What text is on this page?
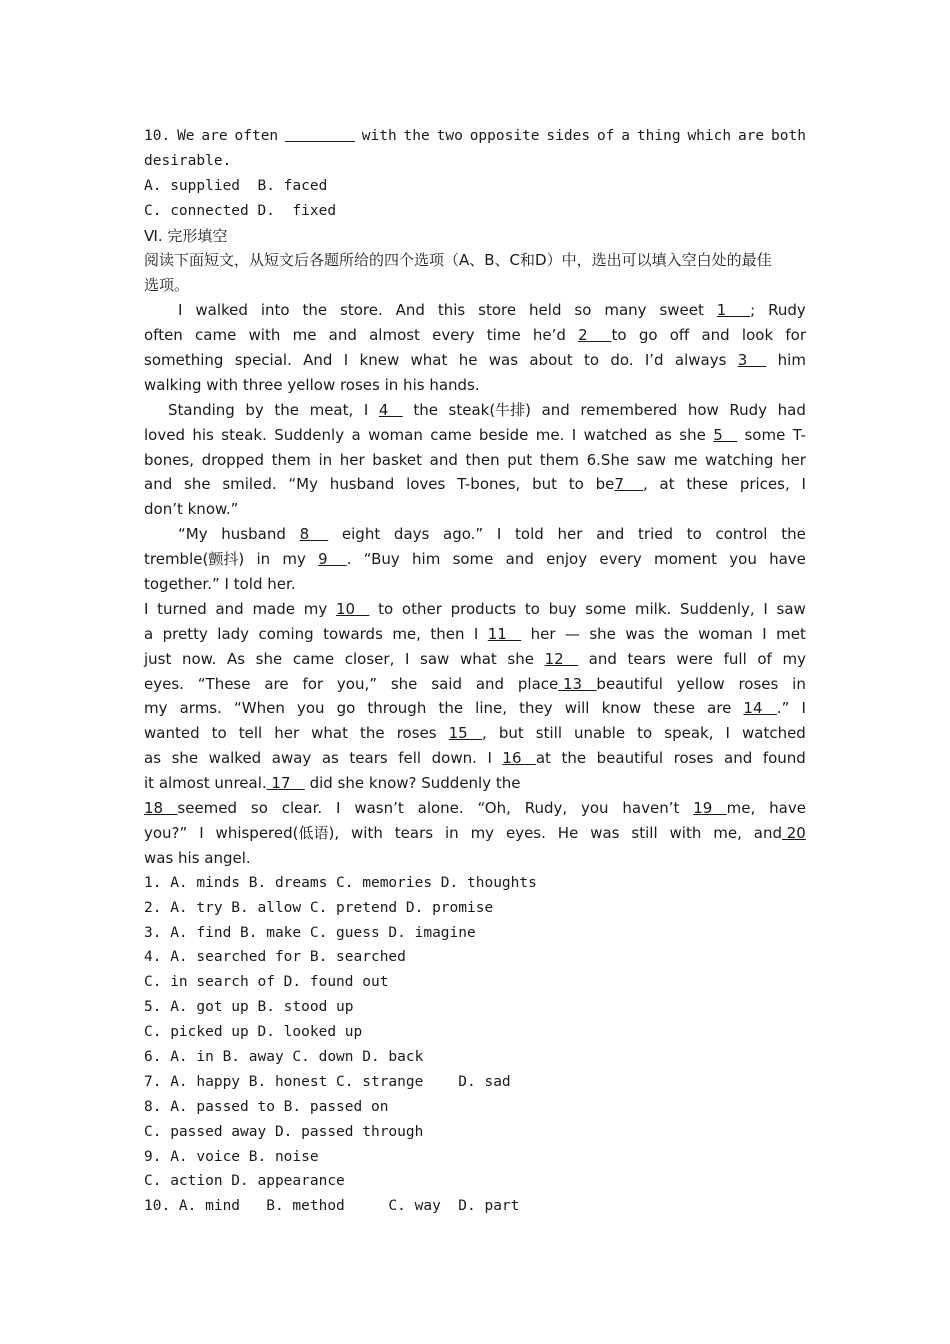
10. We are often
	with the two opposite sides of a thing which are both
desirable.
A. supplied  B. faced
C. connected D.  fixed
Ⅵ. 完形填空
阅读下面短文，从短文后各题所给的四个选项（A、B、C和D）中，选出可以填入空白处的最佳
选项。
I walked into the store. And this store held so many sweet 1     ; Rudy
often came with me and almost every time he’d 2     to go off and look for
something special. And I knew what he was about to do. I’d always 3 him
walking with three yellow roses in his hands.
Standing by the meat, I 4 the steak(牛排) and remembered how Rudy had
loved his steak. Suddenly a woman came beside me. I watched as she 5 some T-
bones, dropped them in her basket and then put them 6.She saw me watching her
and she smiled. “My husband loves T-bones, but to be7    , at these prices, I
don’t know.”
“My husband 8 eight days ago.” I told her and tried to control the
tremble(颤抖) in my 9    . “Buy him some and enjoy every moment you have
together.” I told her.
I turned and made my 10 to other products to buy some milk. Suddenly, I saw
a pretty lady coming towards me, then I 11 her — she was the woman I met
just now. As she came closer, I saw what she 12 and tears were full of my
eyes. “These are for you,” she said and place 13   beautiful yellow roses in
my arms. “When you go through the line, they will know these are 14   .” I
wanted to tell her what the roses 15   , but still unable to speak, I watched
as she walked away as tears fell down. I 16   at the beautiful roses and found
it almost unreal. 17    did she know? Suddenly the
18   seemed so clear. I wasn’t alone. “Oh, Rudy, you haven’t 19   me, have
you?” I whispered(低语), with tears in my eyes. He was still with me, and 20
was his angel.
1. A. minds B. dreams C. memories D. thoughts
2. A. try B. allow C. pretend D. promise
3. A. find B. make C. guess D. imagine
4. A. searched for B. searched
C. in search of D. found out
5. A. got up B. stood up
C. picked up D. looked up
6. A. in B. away C. down D. back
7. A. happy B. honest C. strange    D. sad
8. A. passed to B. passed on
C. passed away D. passed through
9. A. voice B. noise
C. action D. appearance
10. A. mind   B. method     C. way  D. part
